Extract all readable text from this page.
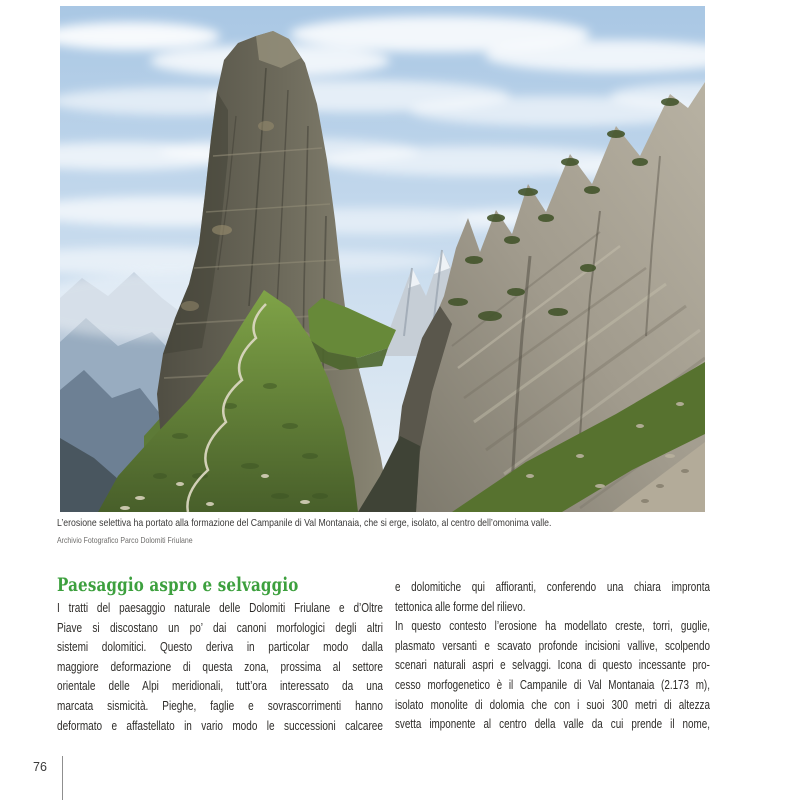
L’erosione selettiva ha portato alla formazione del Campanile di Val Montanaia, che si erge, isolato, al centro dell’omonima valle.

Archivio Fotografico Parco Dolomiti Friulane

Paesaggio aspro e selvaggio
I tratti del paesaggio naturale delle Dolomiti Friulane e d’Oltre
Piave si discostano un po’ dai canoni morfologici degli altri
sistemi dolomitici. Questo deriva in particolar modo dalla
maggiore deformazione di questa zona, prossima al settore
orientale delle Alpi meridionali, tutt’ora interessato da una
marcata sismicità. Pieghe, faglie e sovrascorrimenti hanno
deformato e affastellato in vario modo le successioni calcaree
e dolomitiche qui affioranti, conferendo una chiara impronta
tettonica alle forme del rilievo.
In questo contesto l’erosione ha modellato creste, torri, guglie,
plasmato versanti e scavato profonde incisioni vallive, scolpendo
scenari naturali aspri e selvaggi. Icona di questo incessante pro-
cesso morfogenetico è il Campanile di Val Montanaia (2.173 m),
isolato monolite di dolomia che con i suoi 300 metri di altezza
svetta imponente al centro della valle da cui prende il nome,
76
